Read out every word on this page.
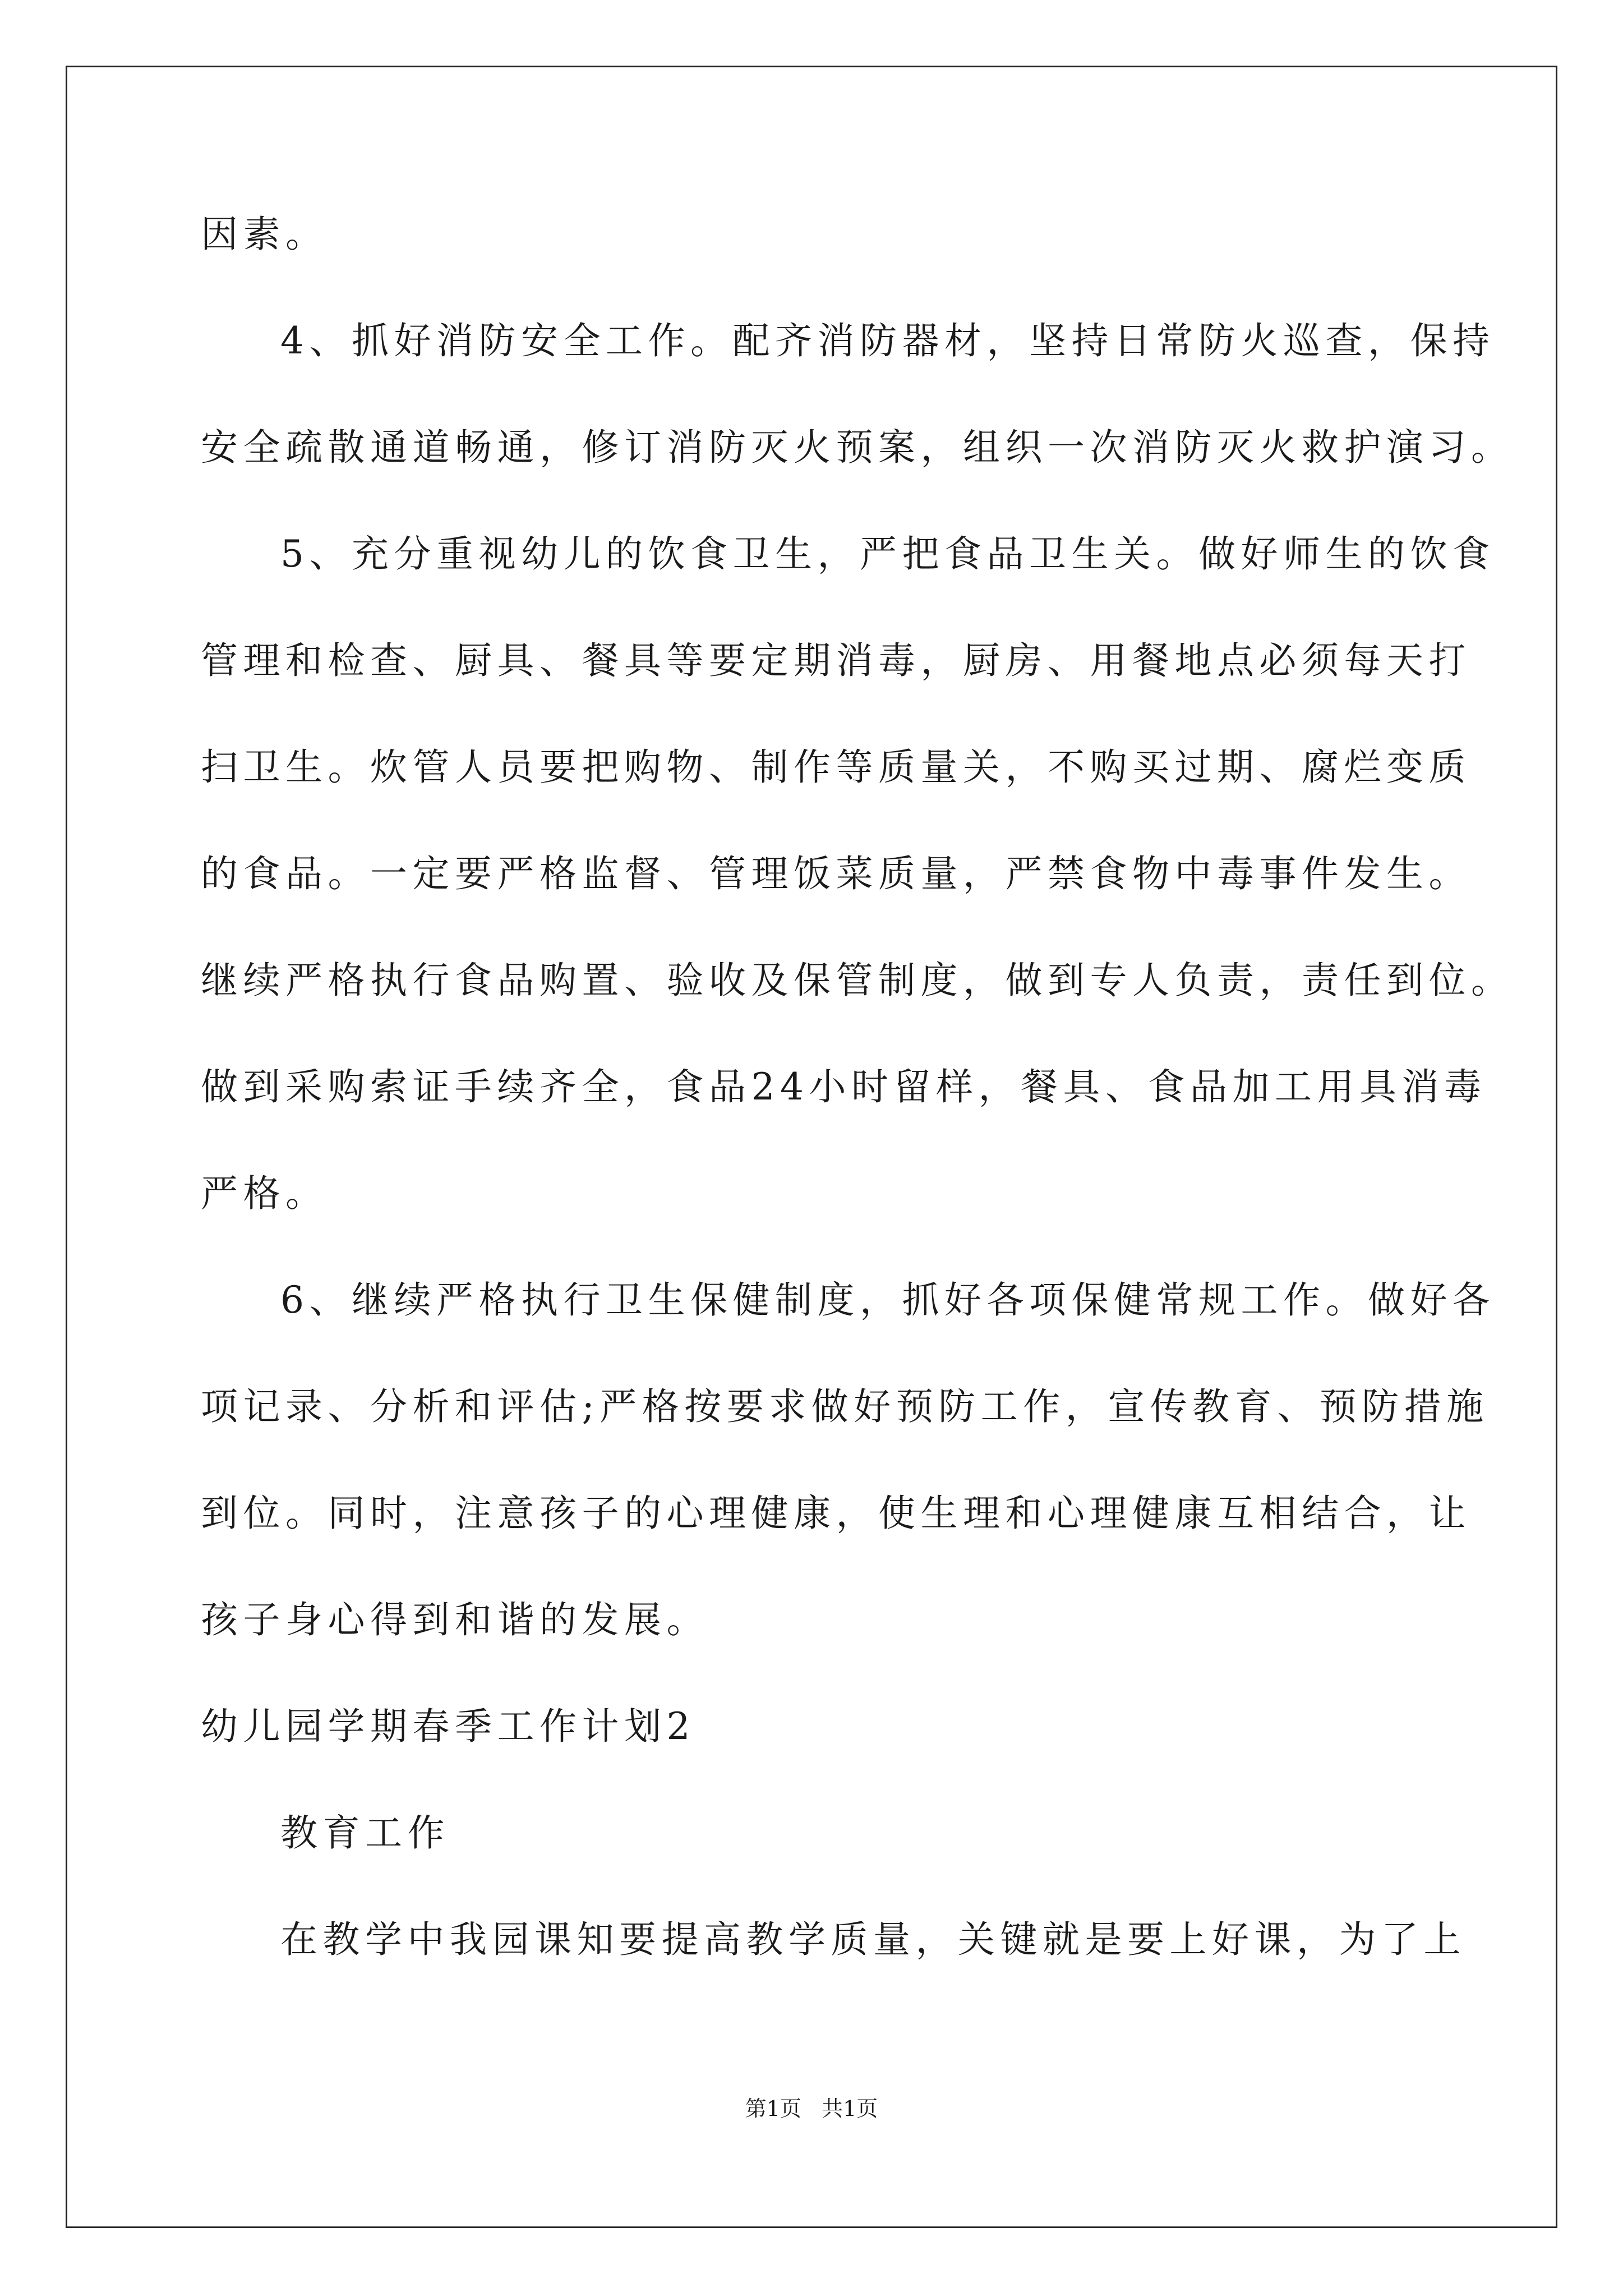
因素。
4、抓好消防安全工作。配齐消防器材，坚持日常防火巡查，保持
安全疏散通道畅通，修订消防灭火预案，组织一次消防灭火救护演习。
5、充分重视幼儿的饮食卫生，严把食品卫生关。做好师生的饮食
管理和检查、厨具、餐具等要定期消毒，厨房、用餐地点必须每天打
扫卫生。炊管人员要把购物、制作等质量关，不购买过期、腐烂变质
的食品。一定要严格监督、管理饭菜质量，严禁食物中毒事件发生。
继续严格执行食品购置、验收及保管制度，做到专人负责，责任到位。
做到采购索证手续齐全，食品24小时留样，餐具、食品加工用具消毒
严格。
6、继续严格执行卫生保健制度，抓好各项保健常规工作。做好各
项记录、分析和评估;严格按要求做好预防工作，宣传教育、预防措施
到位。同时，注意孩子的心理健康，使生理和心理健康互相结合，让
孩子身心得到和谐的发展。
幼儿园学期春季工作计划2
教育工作
在教学中我园课知要提高教学质量，关键就是要上好课，为了上
第1页   共1页
